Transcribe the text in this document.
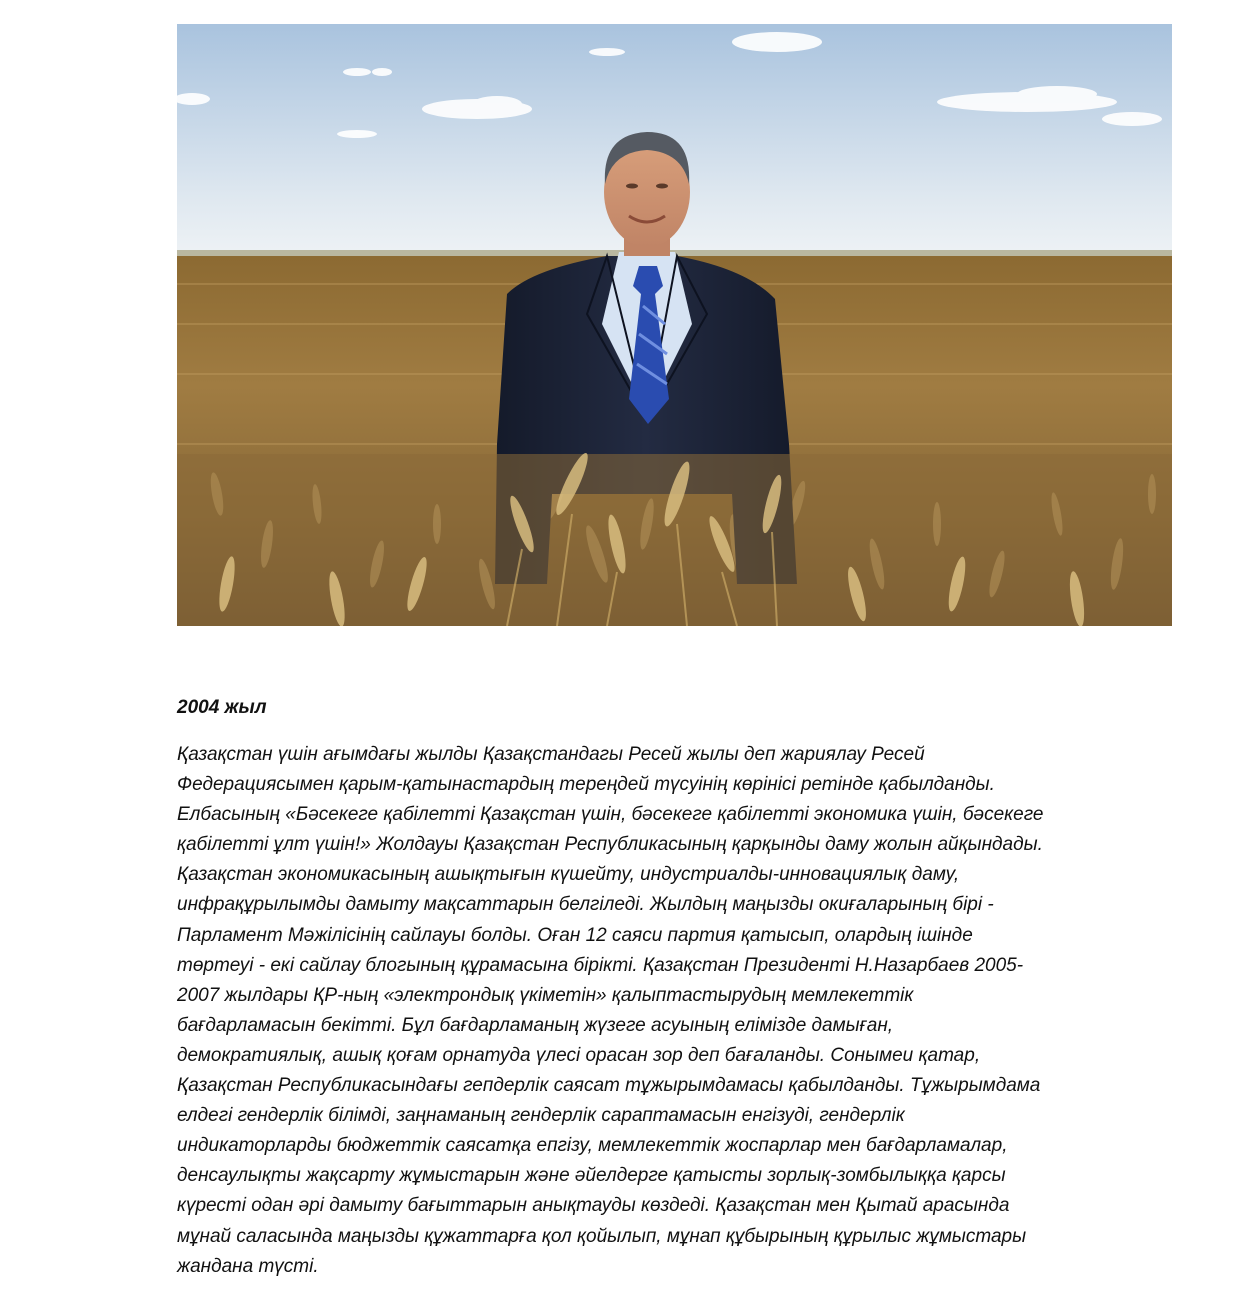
2004 жыл

Қазақстан үшін ағымдағы жылды Қазақстандагы Ресей жылы деп жариялау Ресей
Федерациясымен қарым-қатынастардың тереңдей түсуінің көрінісі ретінде қабылданды.
Елбасының «Бәсекеге қабілетті Қазақстан үшін, бәсекеге қабілетті экономика үшін, бәсекеге
қабілетті ұлт үшін!» Жолдауы Қазақстан Республикасының қарқынды даму жолын айқындады.
Қазақстан экономикасының ашықтығын күшейту, индустриалды-инновациялық даму,
инфрақұрылымды дамыту мақсаттарын белгіледі. Жылдың маңызды окиғаларының бірі -
Парламент Мәжілісінің сайлауы болды. Оған 12 саяси партия қатысып, олардың ішінде
төртеуі - екі сайлау блогының құрамасына бірікті. Қазақстан Президенті Н.Назарбаев 2005-
2007 жылдары ҚР-ның «электрондық үкіметін» қалыптастырудың мемлекеттік
бағдарламасын бекітті. Бұл бағдарламаның жүзеге асуының елімізде дамыған,
демократиялық, ашық қоғам орнатуда үлесі орасан зор деп бағаланды. Сонымеи қатар,
Қазақстан Республикасындағы гепдерлік саясат тұжырымдамасы қабылданды. Тұжырымдама
елдегі гендерлік білімді, заңнаманың гендерлік сараптамасын енгізуді, гендерлік
индикаторларды бюджеттік саясатқа епгізу, мемлекеттік жоспарлар мен бағдарламалар,
денсаулықты жақсарту жұмыстарын және әйелдерге қатысты зорлық-зомбылыққа қарсы
күресті одан әрі дамыту бағыттарын анықтауды көздеді. Қазақстан мен Қытай арасында
мұнай саласында маңызды құжаттарға қол қойылып, мұнап құбырының құрылыс жұмыстары
жандана түсті.
